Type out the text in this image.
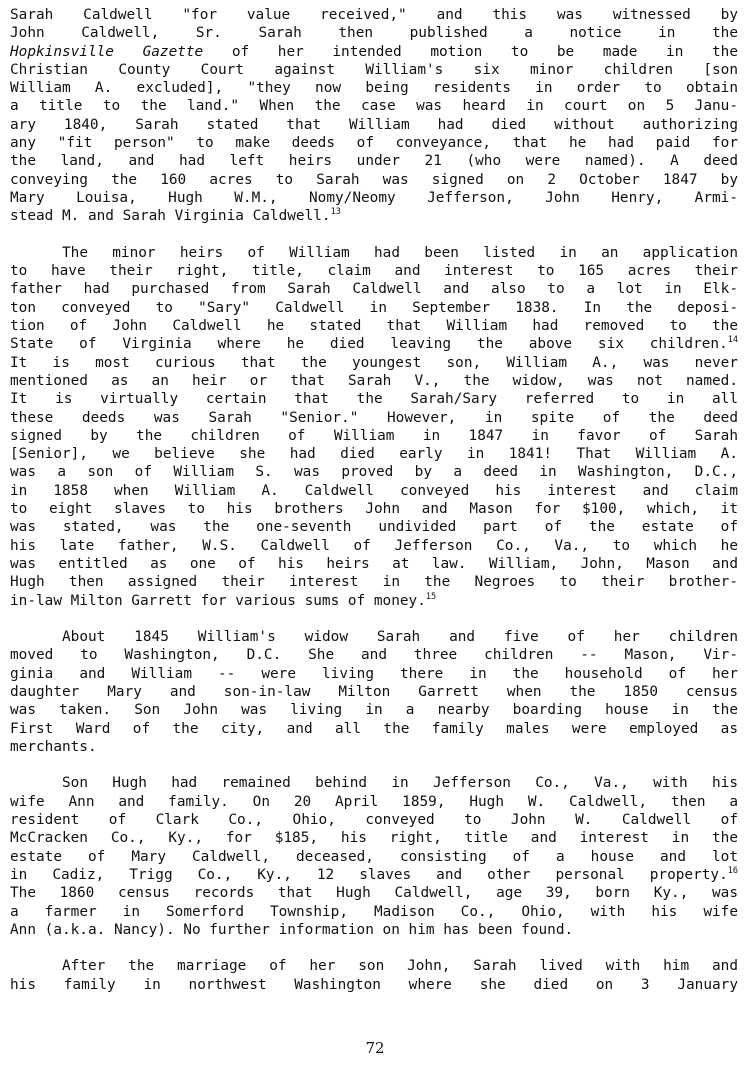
Sarah Caldwell "for value received," and this was witnessed by
John Caldwell, Sr. Sarah then published a notice in the
Hopkinsville Gazette of her intended motion to be made in the
Christian County Court against William's six minor children [son
William A. excluded], "they now being residents in order to obtain
a title to the land." When the case was heard in court on 5 Janu-
ary 1840, Sarah stated that William had died without authorizing
any "fit person" to make deeds of conveyance, that he had paid for
the land, and had left heirs under 21 (who were named). A deed
conveying the 160 acres to Sarah was signed on 2 October 1847 by
Mary Louisa, Hugh W.M., Nomy/Neomy Jefferson, John Henry, Armi-
stead M. and Sarah Virginia Caldwell.$^{13}$
The minor heirs of William had been listed in an application
to have their right, title, claim and interest to 165 acres their
father had purchased from Sarah Caldwell and also to a lot in Elk-
ton conveyed to "Sary" Caldwell in September 1838. In the deposi-
tion of John Caldwell he stated that William had removed to the
State of Virginia where he died leaving the above six children.$^{14}$
It is most curious that the youngest son, William A., was never
mentioned as an heir or that Sarah V., the widow, was not named.
It is virtually certain that the Sarah/Sary referred to in all
these deeds was Sarah "Senior." However, in spite of the deed
signed by the children of William in 1847 in favor of Sarah
[Senior], we believe she had died early in 1841! That William A.
was a son of William S. was proved by a deed in Washington, D.C.,
in 1858 when William A. Caldwell conveyed his interest and claim
to eight slaves to his brothers John and Mason for $100, which, it
was stated, was the one-seventh undivided part of the estate of
his late father, W.S. Caldwell of Jefferson Co., Va., to which he
was entitled as one of his heirs at law. William, John, Mason and
Hugh then assigned their interest in the Negroes to their brother-
in-law Milton Garrett for various sums of money.$^{15}$
About 1845 William's widow Sarah and five of her children
moved to Washington, D.C. She and three children -- Mason, Vir-
ginia and William -- were living there in the household of her
daughter Mary and son-in-law Milton Garrett when the 1850 census
was taken. Son John was living in a nearby boarding house in the
First Ward of the city, and all the family males were employed as
merchants.
Son Hugh had remained behind in Jefferson Co., Va., with his
wife Ann and family. On 20 April 1859, Hugh W. Caldwell, then a
resident of Clark Co., Ohio, conveyed to John W. Caldwell of
McCracken Co., Ky., for $185, his right, title and interest in the
estate of Mary Caldwell, deceased, consisting of a house and lot
in Cadiz, Trigg Co., Ky., 12 slaves and other personal property.$^{16}$
The 1860 census records that Hugh Caldwell, age 39, born Ky., was
a farmer in Somerford Township, Madison Co., Ohio, with his wife
Ann (a.k.a. Nancy). No further information on him has been found.
After the marriage of her son John, Sarah lived with him and
his family in northwest Washington where she died on 3 January
72
